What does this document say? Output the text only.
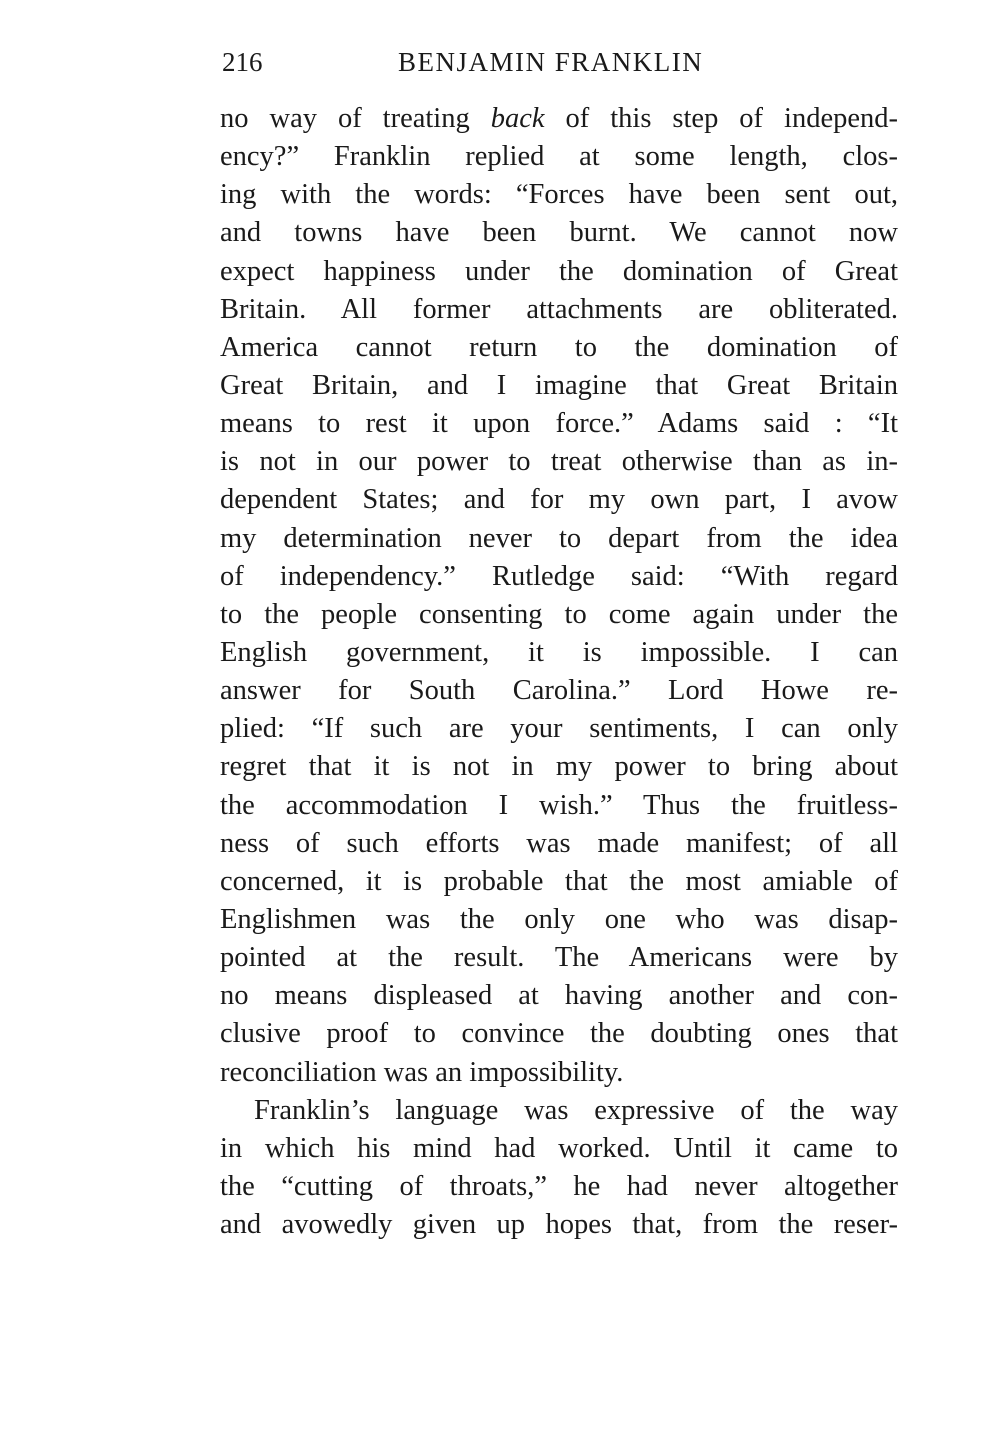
216	BENJAMIN FRANKLIN
no way of treating back of this step of independ-
ency?” Franklin replied at some length, clos-
ing with the words: “Forces have been sent out,
and towns have been burnt. We cannot now
expect happiness under the domination of Great
Britain. All former attachments are obliterated.
America cannot return to the domination of
Great Britain, and I imagine that Great Britain
means to rest it upon force.” Adams said : “It
is not in our power to treat otherwise than as in-
dependent States; and for my own part, I avow
my determination never to depart from the idea
of independency.” Rutledge said: “With regard
to the people consenting to come again under the
English government, it is impossible. I can
answer for South Carolina.” Lord Howe re-
plied: “If such are your sentiments, I can only
regret that it is not in my power to bring about
the accommodation I wish.” Thus the fruitless-
ness of such efforts was made manifest; of all
concerned, it is probable that the most amiable of
Englishmen was the only one who was disap-
pointed at the result. The Americans were by
no means displeased at having another and con-
clusive proof to convince the doubting ones that
reconciliation was an impossibility.
Franklin’s language was expressive of the way
in which his mind had worked. Until it came to
the “cutting of throats,” he had never altogether
and avowedly given up hopes that, from the reser-
